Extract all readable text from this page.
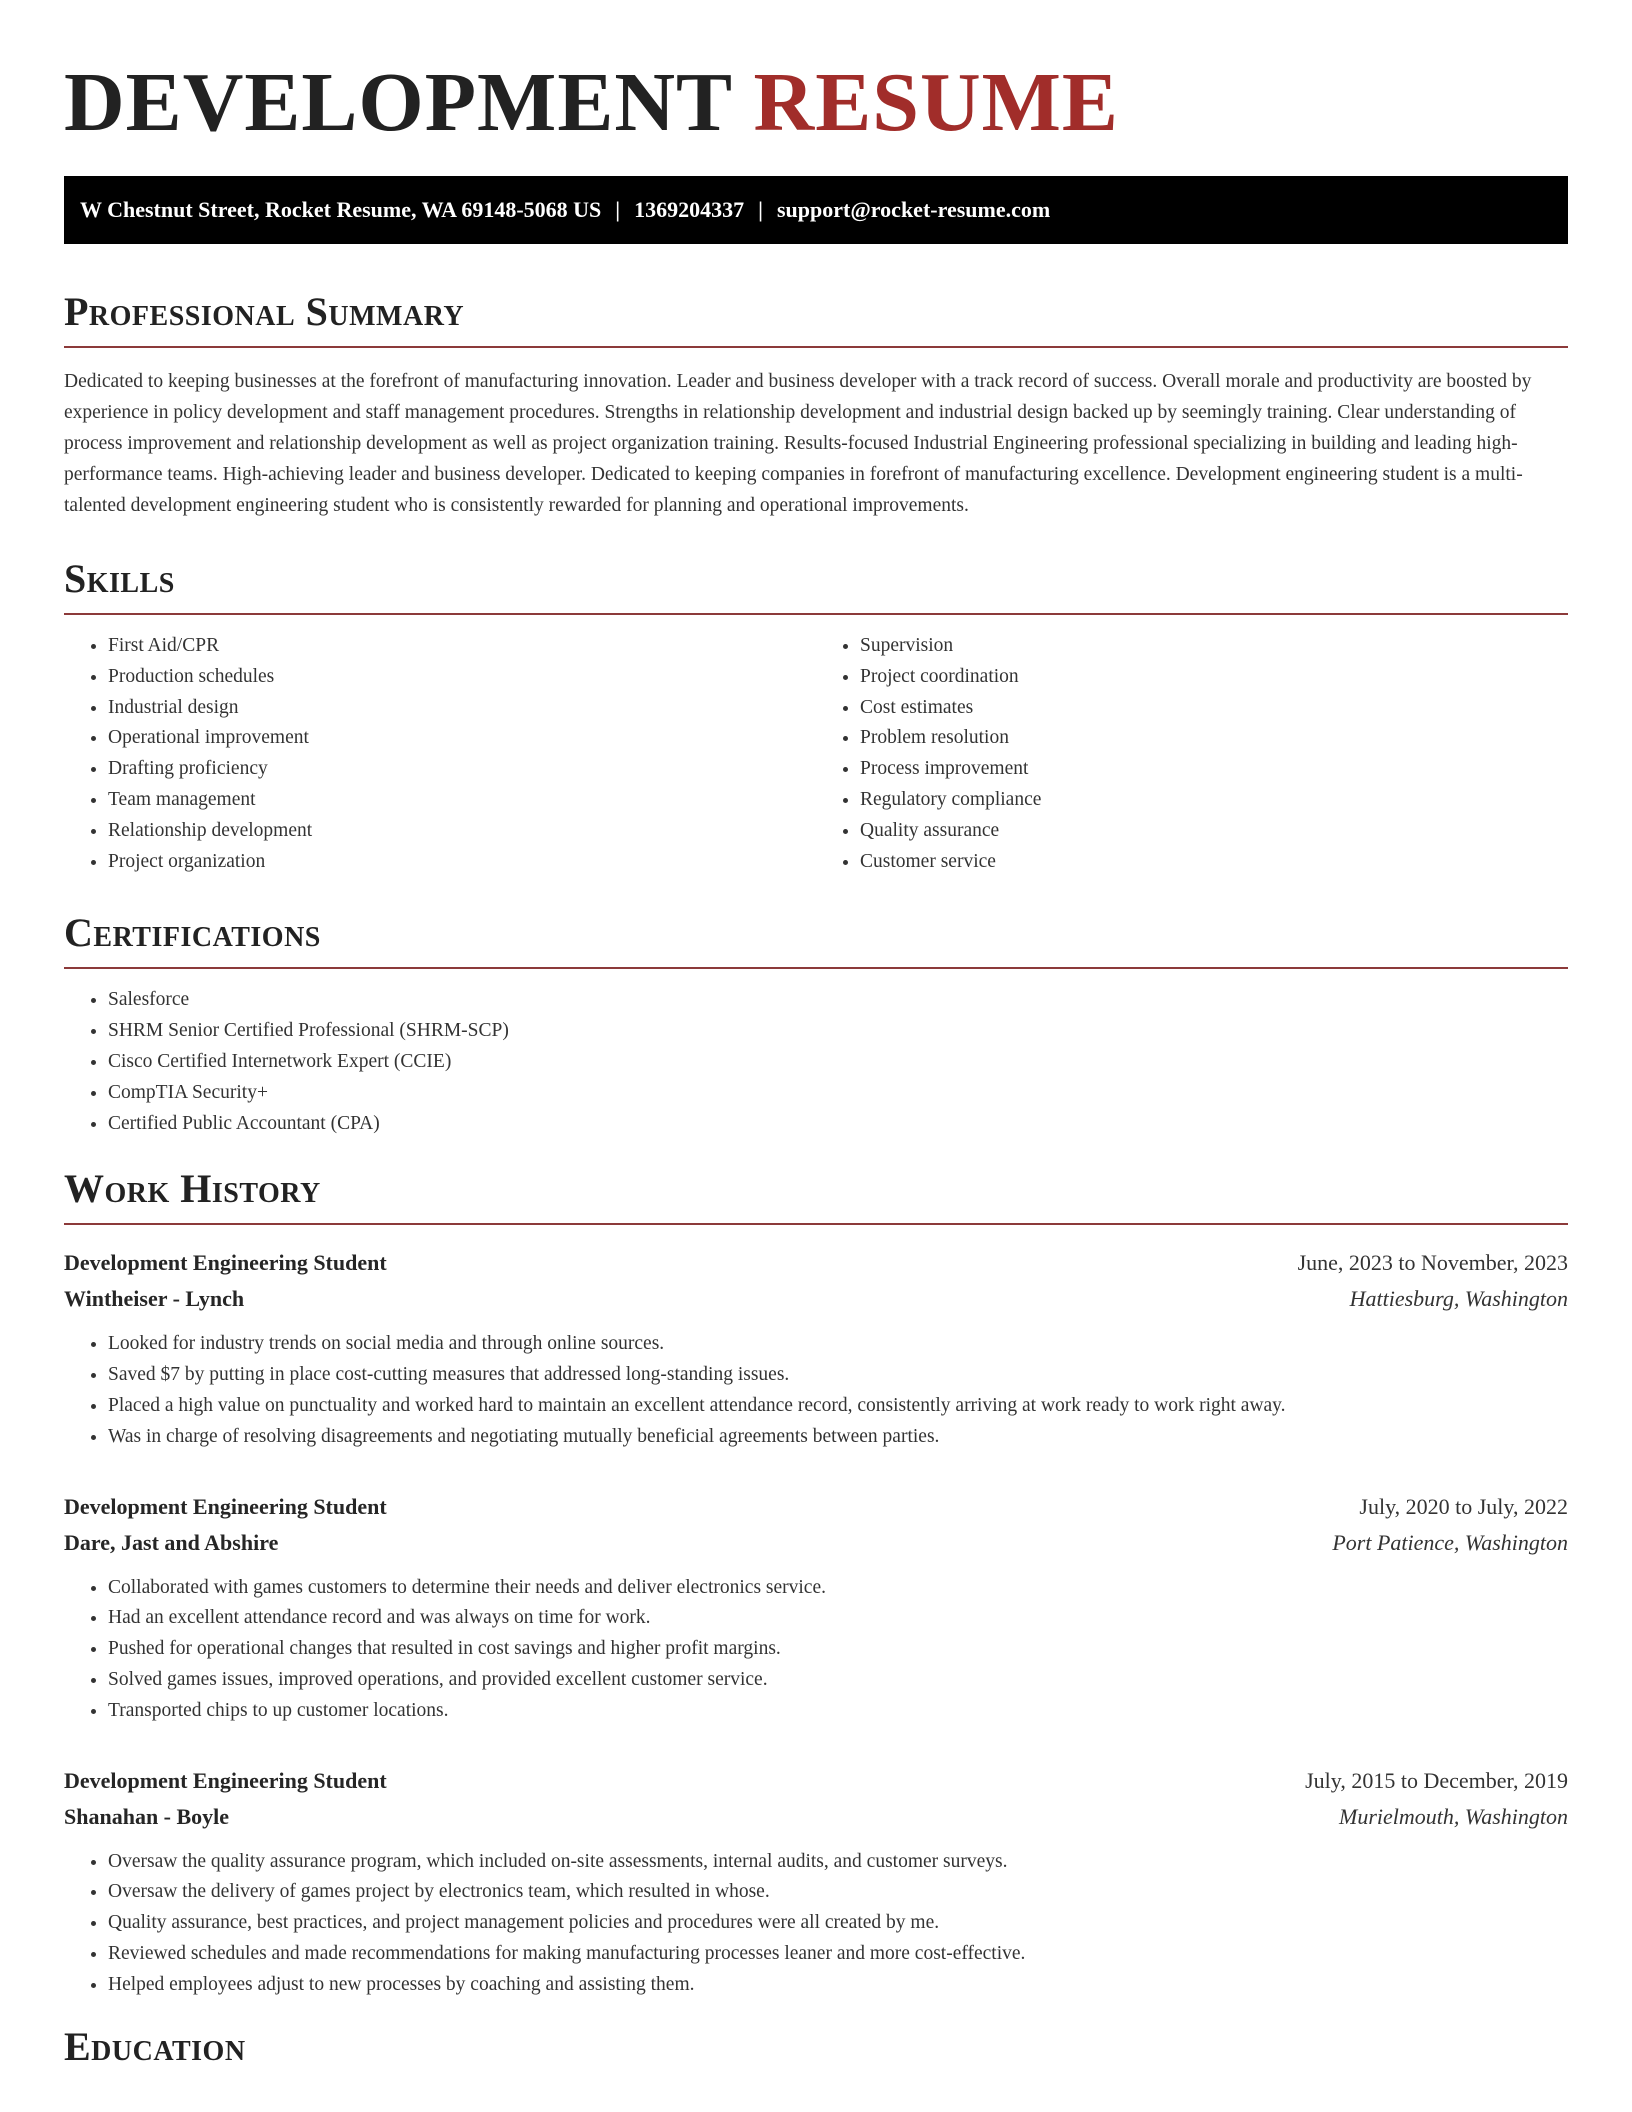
DEVELOPMENT RESUME
W Chestnut Street, Rocket Resume, WA 69148-5068 US | 1369204337 | support@rocket-resume.com
Professional Summary

Dedicated to keeping businesses at the forefront of manufacturing innovation. Leader and business developer with a track record of success. Overall morale and productivity are boosted by experience in policy development and staff management procedures. Strengths in relationship development and industrial design backed up by seemingly training. Clear understanding of process improvement and relationship development as well as project organization training. Results-focused Industrial Engineering professional specializing in building and leading high-performance teams. High-achieving leader and business developer. Dedicated to keeping companies in forefront of manufacturing excellence. Development engineering student is a multi-talented development engineering student who is consistently rewarded for planning and operational improvements.

Skills
• First Aid/CPR
• Production schedules
• Industrial design
• Operational improvement
• Drafting proficiency
• Team management
• Relationship development
• Project organization
• Supervision
• Project coordination
• Cost estimates
• Problem resolution
• Process improvement
• Regulatory compliance
• Quality assurance
• Customer service
Certifications
• Salesforce
• SHRM Senior Certified Professional (SHRM-SCP)
• Cisco Certified Internetwork Expert (CCIE)
• CompTIA Security+
• Certified Public Accountant (CPA)
Work History
Development Engineering Student	June, 2023 to November, 2023
Wintheiser - Lynch	Hattiesburg, Washington
• Looked for industry trends on social media and through online sources.
• Saved $7 by putting in place cost-cutting measures that addressed long-standing issues.
• Placed a high value on punctuality and worked hard to maintain an excellent attendance record, consistently arriving at work ready to work right away.
• Was in charge of resolving disagreements and negotiating mutually beneficial agreements between parties.
Development Engineering Student	July, 2020 to July, 2022
Dare, Jast and Abshire	Port Patience, Washington
• Collaborated with games customers to determine their needs and deliver electronics service.
• Had an excellent attendance record and was always on time for work.
• Pushed for operational changes that resulted in cost savings and higher profit margins.
• Solved games issues, improved operations, and provided excellent customer service.
• Transported chips to up customer locations.
Development Engineering Student	July, 2015 to December, 2019
Shanahan - Boyle	Murielmouth, Washington
• Oversaw the quality assurance program, which included on-site assessments, internal audits, and customer surveys.
• Oversaw the delivery of games project by electronics team, which resulted in whose.
• Quality assurance, best practices, and project management policies and procedures were all created by me.
• Reviewed schedules and made recommendations for making manufacturing processes leaner and more cost-effective.
• Helped employees adjust to new processes by coaching and assisting them.
Education
